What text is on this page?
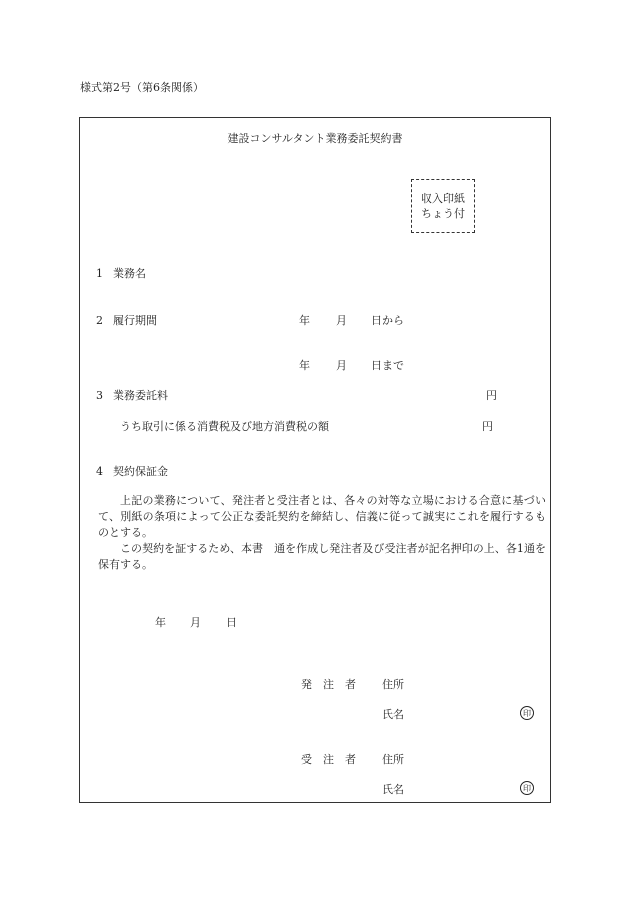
様式第2号（第6条関係）
建設コンサルタント業務委託契約書
収入印紙
ちょう付
1 業務名
2 履行期間	年 月 日から
年 月 日まで
3 業務委託料	円
うち取引に係る消費税及び地方消費税の額	円
4 契約保証金
上記の業務について、発注者と受注者とは、各々の対等な立場における合意に基づいて、別紙の条項によって公正な委託契約を締結し、信義に従って誠実にこれを履行するものとする。
この契約を証するため、本書　通を作成し発注者及び受注者が記名押印の上、各1通を保有する。
年 月 日
発　注　者 住所
氏名	印
受　注　者 住所
氏名	印
